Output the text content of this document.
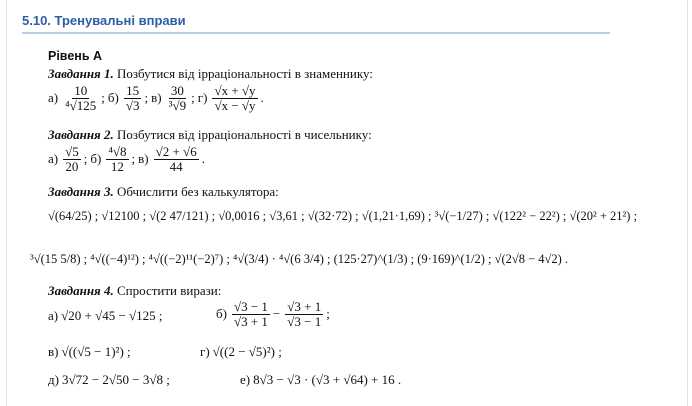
5.10. Тренувальні вправи
Рівень А
Завдання 1. Позбутися від ірраціональності в знаменнику:
$а) \frac{10}{\text{⁴√125}}$ ; $б) \frac{15}{√3}$ ; $в) \frac{30}{\text{³√9}}$ ; $г) \frac{√x + √y}{√x - √y}$ .
Завдання 2. Позбутися від ірраціональності в чисельнику:
$а) \frac{√5}{20}$ ; $б) \frac{\text{⁴√8}}{12}$ ; $в) \frac{√2 + √6}{44}$ .
Завдання 3. Обчислити без калькулятора:
√(64/25) ;
√12100 ;
√(2 47/121) ;
√0,0016 ;
√3,61 ;
√(32·72) ;
√(1,21·1,69) ;
³√(−1/27) ;
√(122² − 22²) ;
√(20² + 21²) ;
³√(15 5/8) ;
⁴√((−4)¹²) ;
⁴√((−2)¹¹(−2)⁷) ;
⁴√(3/4) · ⁴√(6 3/4) ;
(125·27)^(1/3) ;
(9·169)^(1/2) ;
√(2√8 − 4√2) .
Завдання 4. Спростити вирази:
а) √20 + √45 − √125 ;	$б) \frac{√3 - 1}{√3 + 1} - \frac{√3 + 1}{√3 - 1}$ ;
в) √((√5 − 1)²) ;	г) √((2 − √5)²) ;
д) 3√72 − 2√50 − 3√8 ;	е) 8√3 − √3 · (√3 + √64) + 16 .
